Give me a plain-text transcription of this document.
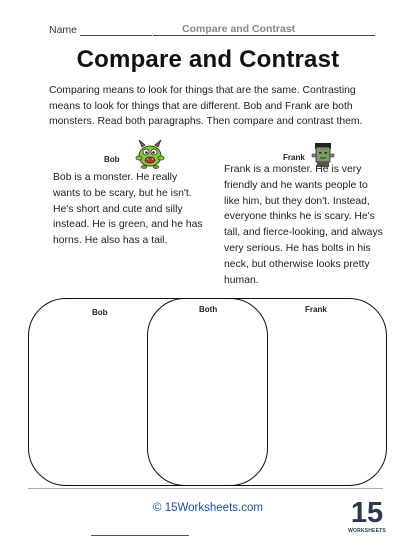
Name	Compare and Contrast
Compare and Contrast
Comparing means to look for things that are the same. Contrasting means to look for things that are different. Bob and Frank are both monsters. Read both paragraphs. Then compare and contrast them.
Bob
Bob is a monster. He really wants to be scary, but he isn't. He's short and cute and silly instead. He is green, and he has horns. He also has a tail.
Frank
Frank is a monster. He is very friendly and he wants people to like him, but they don't. Instead, everyone thinks he is scary. He's tall, and fierce-looking, and always very serious. He has bolts in his neck, but otherwise looks pretty human.
Bob	Both	Frank
© 15Worksheets.com	15
WORKSHEETS
